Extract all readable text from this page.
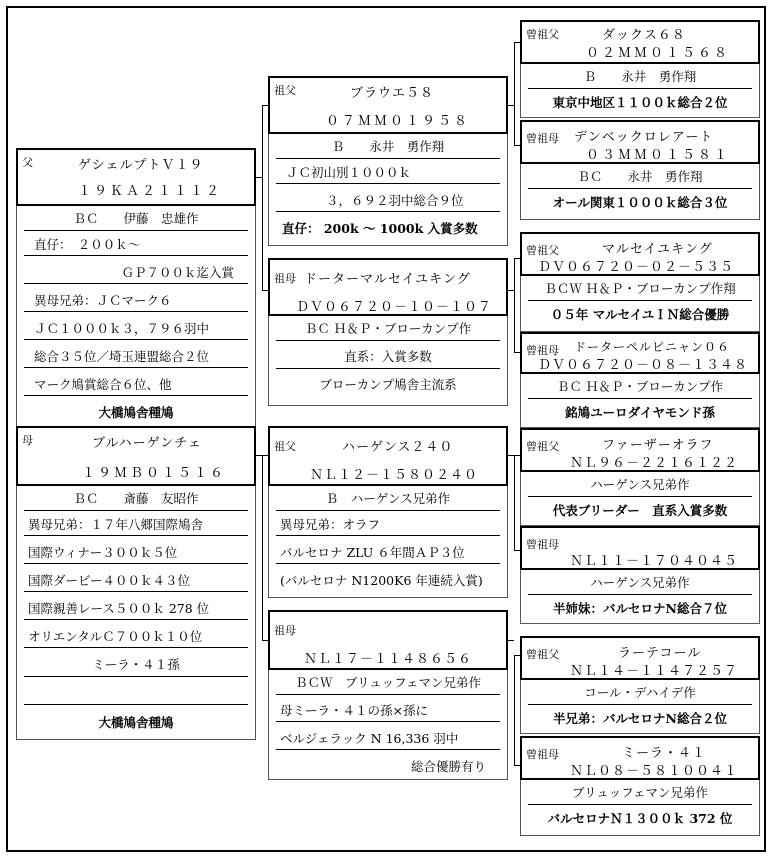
父	ゲシェルプトＶ１９
１９ＫＡ２１１１２
ＢＣ　　伊藤　忠雄作
直仔：　２００ｋ～
ＧＰ７００ｋ迄入賞
異母兄弟：ＪＣマーク６
ＪＣ１０００ｋ３，７９６羽中
総合３５位／埼玉連盟総合２位
マーク鳩賞総合６位、他
大橋鳩舎種鳩
母	ブルハーゲンチェ
１９ＭＢ０１５１６
ＢＣ　　斎藤　友昭作
異母兄弟：１７年八郷国際鳩舎
国際ウィナー３００ｋ５位
国際ダービー４００ｋ４３位
国際親善レース５００ｋ 278 位
オリエンタルＣ７００ｋ１０位
ミーラ・４１孫
大橋鳩舎種鳩
祖父	ブラウエ５８
０７ＭＭ０１９５８
Ｂ　　永井　勇作翔
ＪＣ初山別１０００ｋ
３，６９２羽中総合９位
直仔： 200k ～ 1000k 入賞多数
祖母 ドーターマルセイユキング
ＤＶ０６７２０－１０－１０７
ＢＣ Ｈ＆Ｐ・ブローカンプ作
直系：入賞多数
ブローカンプ鳩舎主流系
祖父	ハーゲンス２４０
ＮＬ１２－１５８０２４０
Ｂ　ハーゲンス兄弟作
異母兄弟：オラフ
バルセロナ ZLU ６年間ＡＰ３位
(バルセロナ N1200K6 年連続入賞)
祖母
ＮＬ１７－１１４８６５６
ＢＣＷ　ブリュッフェマン兄弟作
母ミーラ・４１の孫×孫に
ベルジェラック N 16,336 羽中
総合優勝有り
曾祖父	ダックス６８
０２ＭＭ０１５６８
Ｂ　　永井　勇作翔
東京中地区１１００ｋ総合２位
曾祖母 デンベックロレアート
０３ＭＭ０１５８１
ＢＣ　　永井　勇作翔
オール関東１０００ｋ総合３位
曾祖父	マルセイユキング
ＤＶ０６７２０－０２－５３５
ＢＣＷ Ｈ＆Ｐ・ブローカンプ作翔
０５年 マルセイユＩＮ総合優勝
曾祖母 ドーターペルピニャン０６
ＤＶ０６７２０－０８－１３４８
ＢＣ Ｈ＆Ｐ・ブローカンプ作
銘鳩ユーロダイヤモンド孫
曾祖父	ファーザーオラフ
ＮＬ９６－２２１６１２２
ハーゲンス兄弟作
代表ブリーダー　直系入賞多数
曾祖母
ＮＬ１１－１７０４０４５
ハーゲンス兄弟作
半姉妹：バルセロナN総合７位
曾祖父	ラーテコール
ＮＬ１４－１１４７２５７
コール・デハイデ作
半兄弟：バルセロナN総合２位
曾祖母	ミーラ・４１
ＮＬ０８－５８１００４１
ブリュッフェマン兄弟作
バルセロナＮ１３００ｋ 372 位
